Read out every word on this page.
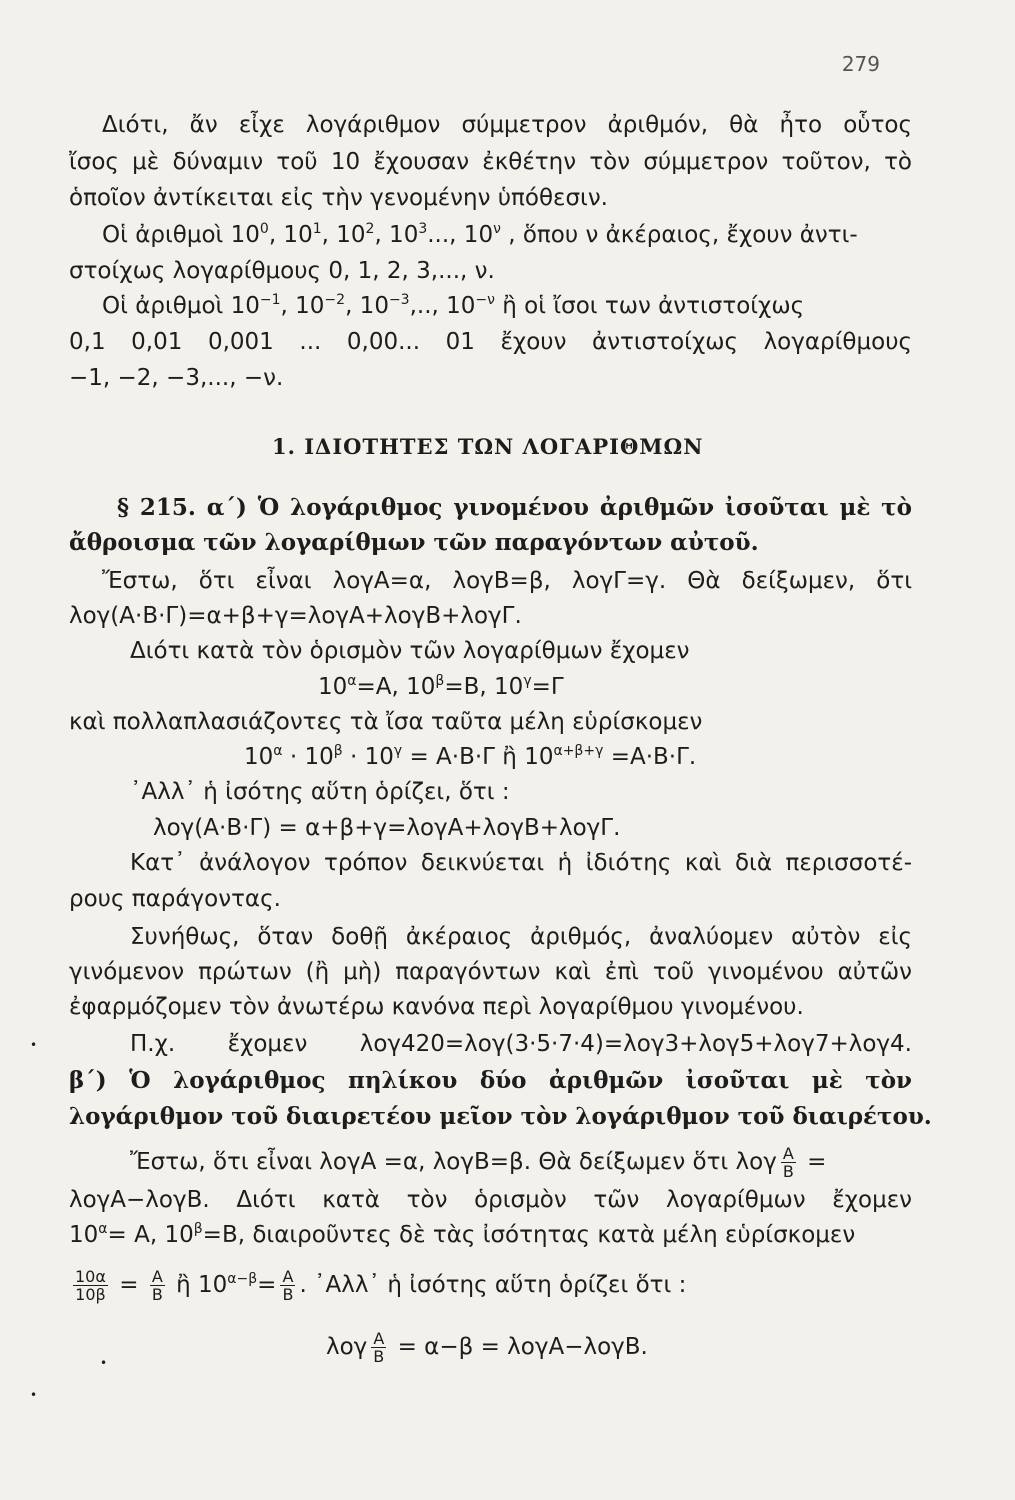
279
Διότι, ἄν εἶχε λογάριθμον σύμμετρον ἀριθμόν, θὰ ἦτο οὗτος
ἴσος μὲ δύναμιν τοῦ 10 ἔχουσαν ἐκθέτην τὸν σύμμετρον τοῦτον, τὸ
ὁποῖον ἀντίκειται εἰς τὴν γενομένην ὑπόθεσιν.
Οἱ ἀριθμοὶ $10^0$, $10^1$, $10^2$, $10^3$..., $10^\nu$ , ὅπου ν ἀκέραιος, ἔχουν ἀντι-
στοίχως λογαρίθμους 0, 1, 2, 3,..., ν.
Οἱ ἀριθμοὶ $10^{-1}$, $10^{-2}$, $10^{-3}$,.., $10^{-\nu}$ ἢ οἱ ἴσοι των ἀντιστοίχως
0,1 0,01 0,001 ... 0,00... 01 ἔχουν ἀντιστοίχως λογαρίθμους
−1, −2, −3,..., −ν.
1. ΙΔΙΟΤΗΤΕΣ ΤΩΝ ΛΟΓΑΡΙΘΜΩΝ
§ 215. α΄) Ὁ λογάριθμος γινομένου ἀριθμῶν ἰσοῦται μὲ τὸ
ἄθροισμα τῶν λογαρίθμων τῶν παραγόντων αὐτοῦ.
Ἔστω, ὅτι εἶναι λογΑ=α, λογΒ=β, λογΓ=γ. Θὰ δείξωμεν, ὅτι
λογ(Α·Β·Γ)=α+β+γ=λογΑ+λογΒ+λογΓ.
Διότι κατὰ τὸν ὁρισμὸν τῶν λογαρίθμων ἔχομεν
$10^\alpha=A$, $10^\beta=B$, $10^\gamma=\Gamma$
καὶ πολλαπλασιάζοντες τὰ ἴσα ταῦτα μέλη εὑρίσκομεν
$10^\alpha \cdot 10^\beta \cdot 10^\gamma = A\cdot B\cdot\Gamma$ ἢ $10^{\alpha+\beta+\gamma} =A\cdot B\cdot\Gamma$.
᾿Αλλ᾿ ἡ ἰσότης αὕτη ὁρίζει, ὅτι :
λογ(Α·Β·Γ) = α+β+γ=λογΑ+λογΒ+λογΓ.
Κατ᾿ ἀνάλογον τρόπον δεικνύεται ἡ ἰδιότης καὶ διὰ περισσοτέ-
ρους παράγοντας.
Συνήθως, ὅταν δοθῇ ἀκέραιος ἀριθμός, ἀναλύομεν αὐτὸν εἰς
γινόμενον πρώτων (ἢ μὴ) παραγόντων καὶ ἐπὶ τοῦ γινομένου αὐτῶν
ἐφαρμόζομεν τὸν ἀνωτέρω κανόνα περὶ λογαρίθμου γινομένου.
Π.χ. ἔχομεν λογ420=λογ(3·5·7·4)=λογ3+λογ5+λογ7+λογ4.
β΄) Ὁ λογάριθμος πηλίκου δύο ἀριθμῶν ἰσοῦται μὲ τὸν
λογάριθμον τοῦ διαιρετέου μεῖον τὸν λογάριθμον τοῦ διαιρέτου.
Ἔστω, ὅτι εἶναι λογΑ =α, λογΒ=β. Θὰ δείξωμεν ὅτι λογ $\frac{A}{B}$ =
λογΑ−λογΒ. Διότι κατὰ τὸν ὁρισμὸν τῶν λογαρίθμων ἔχομεν
$10^\alpha= A$, $10^\beta=B$, διαιροῦντες δὲ τὰς ἰσότητας κατὰ μέλη εὑρίσκομεν
$\frac{10\alpha}{10\beta} = \frac{A}{B}$ ἢ $10^{\alpha-\beta}= \frac{A}{B}$ . ᾿Αλλ᾿ ἡ ἰσότης αὕτη ὁρίζει ὅτι :
λογ $\frac{A}{B} = \alpha-\beta = \lambda o\gamma A-\lambda o\gamma B$.
•
•
•
